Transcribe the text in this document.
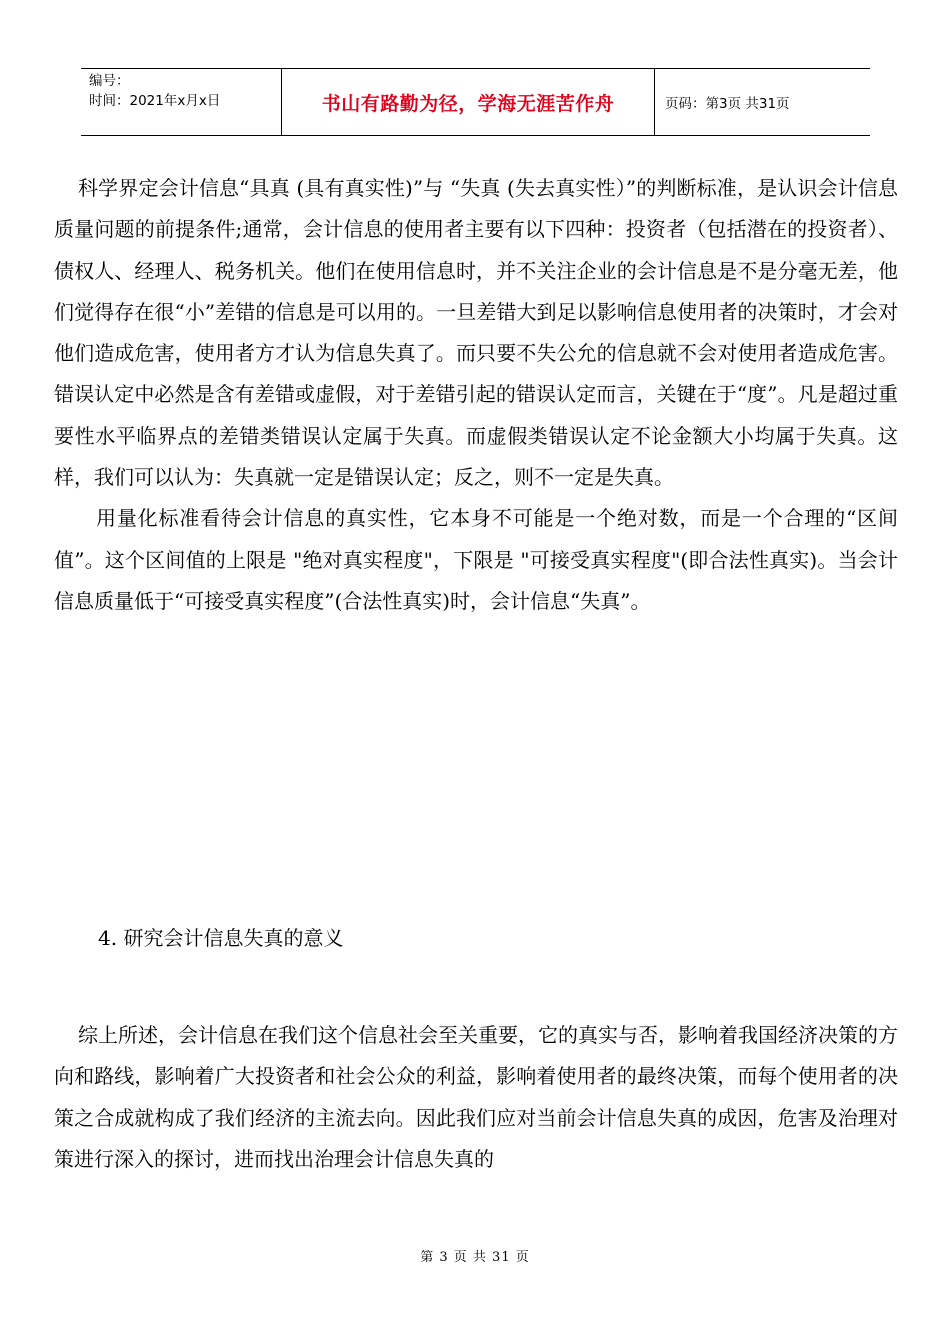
编号：
时间：2021年x月x日	书山有路勤为径，学海无涯苦作舟	页码：第3页 共31页

科学界定会计信息“具真 (具有真实性)”与 “失真 (失去真实性）”的判断标准，是认识会计信息质量问题的前提条件;通常，会计信息的使用者主要有以下四种：投资者（包括潜在的投资者）、债权人、经理人、税务机关。他们在使用信息时，并不关注企业的会计信息是不是分毫无差，他们觉得存在很“小”差错的信息是可以用的。一旦差错大到足以影响信息使用者的决策时，才会对他们造成危害，使用者方才认为信息失真了。而只要不失公允的信息就不会对使用者造成危害。错误认定中必然是含有差错或虚假，对于差错引起的错误认定而言，关键在于“度”。凡是超过重要性水平临界点的差错类错误认定属于失真。而虚假类错误认定不论金额大小均属于失真。这样，我们可以认为：失真就一定是错误认定；反之，则不一定是失真。

用量化标准看待会计信息的真实性，它本身不可能是一个绝对数，而是一个合理的“区间值”。这个区间值的上限是 "绝对真实程度"，下限是 "可接受真实程度"(即合法性真实)。当会计信息质量低于“可接受真实程度”(合法性真实)时，会计信息“失真”。

4. 研究会计信息失真的意义

综上所述，会计信息在我们这个信息社会至关重要，它的真实与否，影响着我国经济决策的方向和路线，影响着广大投资者和社会公众的利益，影响着使用者的最终决策，而每个使用者的决策之合成就构成了我们经济的主流去向。因此我们应对当前会计信息失真的成因，危害及治理对策进行深入的探讨，进而找出治理会计信息失真的

第 3 页 共 31 页
